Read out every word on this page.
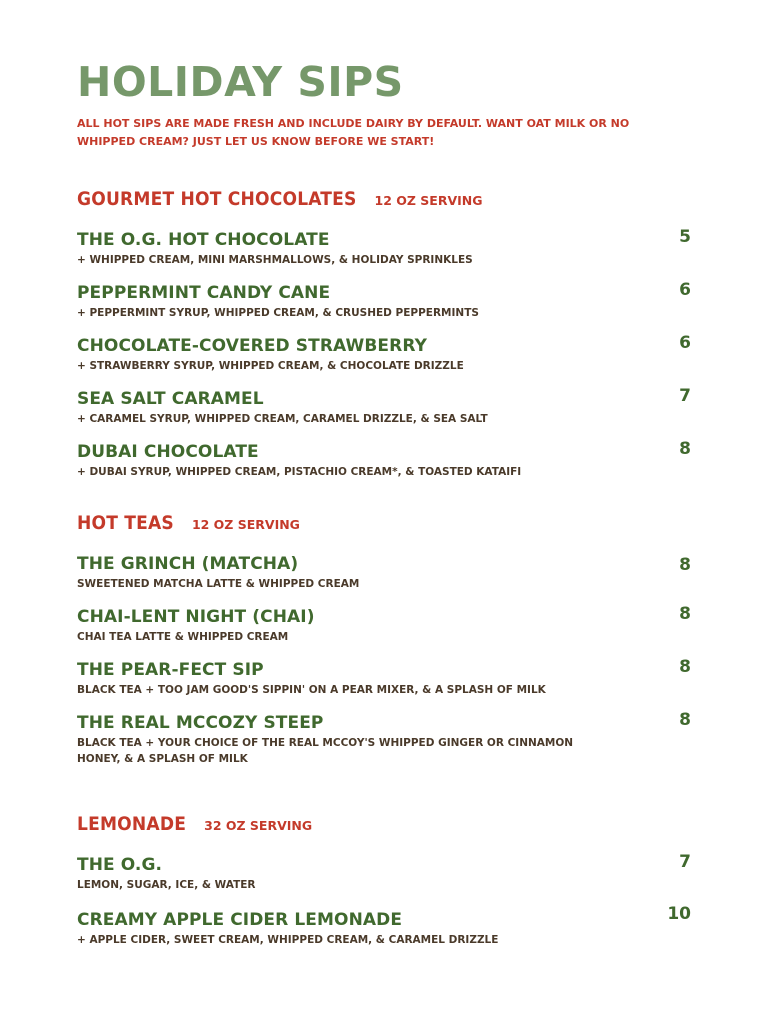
HOLIDAY SIPS

ALL HOT SIPS ARE MADE FRESH AND INCLUDE DAIRY BY DEFAULT. WANT OAT MILK OR NO WHIPPED CREAM? JUST LET US KNOW BEFORE WE START!

GOURMET HOT CHOCOLATES 12 OZ SERVING
THE O.G. HOT CHOCOLATE
+ WHIPPED CREAM, MINI MARSHMALLOWS, & HOLIDAY SPRINKLES
5
PEPPERMINT CANDY CANE
+ PEPPERMINT SYRUP, WHIPPED CREAM, & CRUSHED PEPPERMINTS
6
CHOCOLATE-COVERED STRAWBERRY
+ STRAWBERRY SYRUP, WHIPPED CREAM, & CHOCOLATE DRIZZLE
6
SEA SALT CARAMEL
+ CARAMEL SYRUP, WHIPPED CREAM, CARAMEL DRIZZLE, & SEA SALT
7
DUBAI CHOCOLATE
+ DUBAI SYRUP, WHIPPED CREAM, PISTACHIO CREAM*, & TOASTED KATAIFI
8
HOT TEAS 12 OZ SERVING
THE GRINCH (MATCHA)
SWEETENED MATCHA LATTE & WHIPPED CREAM
8
CHAI-LENT NIGHT (CHAI)
CHAI TEA LATTE & WHIPPED CREAM
8
THE PEAR-FECT SIP
BLACK TEA + TOO JAM GOOD'S SIPPIN' ON A PEAR MIXER, & A SPLASH OF MILK
8
THE REAL MCCOZY STEEP
BLACK TEA + YOUR CHOICE OF THE REAL MCCOY'S WHIPPED GINGER OR CINNAMON HONEY, & A SPLASH OF MILK
8
LEMONADE 32 OZ SERVING
THE O.G.
LEMON, SUGAR, ICE, & WATER
7
CREAMY APPLE CIDER LEMONADE
+ APPLE CIDER, SWEET CREAM, WHIPPED CREAM, & CARAMEL DRIZZLE
10
